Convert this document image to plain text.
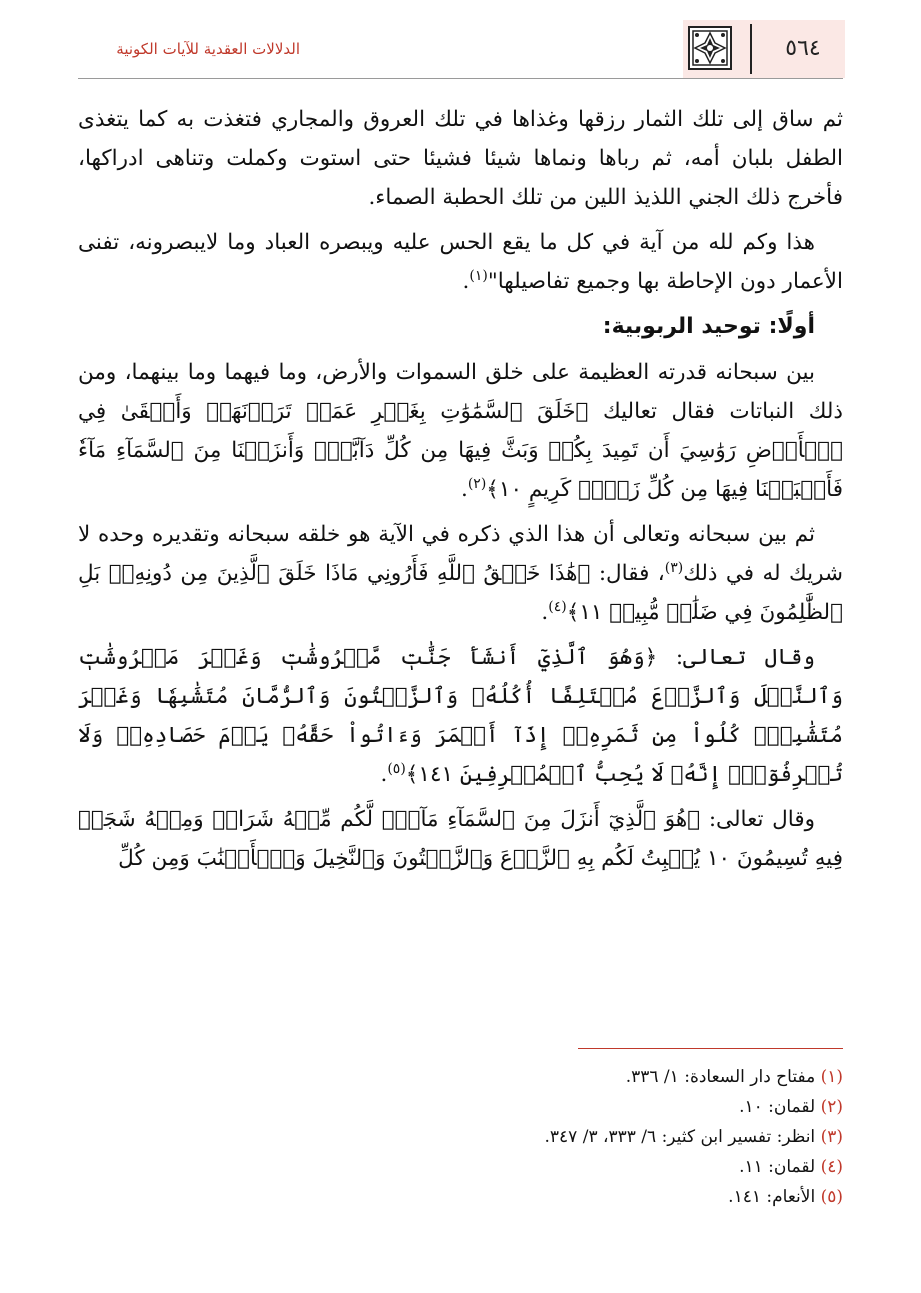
٥٦٤
الدلالات العقدية للآيات الكونية

ثم ساق إلى تلك الثمار رزقها وغذاها في تلك العروق والمجاري فتغذت به كما يتغذى الطفل بلبان أمه، ثم رباها ونماها شيئا فشيئا حتى استوت وكملت وتناهى ادراكها، فأخرج ذلك الجني اللذيذ اللين من تلك الحطبة الصماء.

هذا وكم لله من آية في كل ما يقع الحس عليه ويبصره العباد وما لايبصرونه، تفنى الأعمار دون الإحاطة بها وجميع تفاصيلها"$^{(١)}$.

أولًا: توحيد الربوبية:

بين سبحانه قدرته العظيمة على خلق السموات والأرض، وما فيهما وما بينهما، ومن ذلك النباتات فقال تعاليك ﴿خَلَقَ ٱلسَّمَٰوَٰتِ بِغَيۡرِ عَمَدٖ تَرَوۡنَهَاۖ وَأَلۡقَىٰ فِي ٱلۡأَرۡضِ رَوَٰسِيَ أَن تَمِيدَ بِكُمۡ وَبَثَّ فِيهَا مِن كُلِّ دَآبَّةٖۚ وَأَنزَلۡنَا مِنَ ٱلسَّمَآءِ مَآءٗ فَأَنۢبَتۡنَا فِيهَا مِن كُلِّ زَوۡجٖ كَرِيمٍ ١٠﴾$^{(٢)}$.

ثم بين سبحانه وتعالى أن هذا الذي ذكره في الآية هو خلقه سبحانه وتقديره وحده لا شريك له في ذلك$^{(٣)}$، فقال: ﴿هَٰذَا خَلۡقُ ٱللَّهِ فَأَرُونِي مَاذَا خَلَقَ ٱلَّذِينَ مِن دُونِهِۦۚ بَلِ ٱلظَّٰلِمُونَ فِي ضَلَٰلٖ مُّبِينٖ ١١﴾$^{(٤)}$.

وقال تعالى: ﴿وَهُوَ ٱلَّذِيٓ أَنشَأَ جَنَّٰتٖ مَّعۡرُوشَٰتٖ وَغَيۡرَ مَعۡرُوشَٰتٖ وَٱلنَّخۡلَ وَٱلزَّرۡعَ مُخۡتَلِفًا أُكُلُهُۥ وَٱلزَّيۡتُونَ وَٱلرُّمَّانَ مُتَشَٰبِهٗا وَغَيۡرَ مُتَشَٰبِهٖۚ كُلُواْ مِن ثَمَرِهِۦٓ إِذَآ أَثۡمَرَ وَءَاتُواْ حَقَّهُۥ يَوۡمَ حَصَادِهِۦۖ وَلَا تُسۡرِفُوٓاْۚ إِنَّهُۥ لَا يُحِبُّ ٱلۡمُسۡرِفِينَ ١٤١﴾$^{(٥)}$.

وقال تعالى: ﴿هُوَ ٱلَّذِيٓ أَنزَلَ مِنَ ٱلسَّمَآءِ مَآءٗۖ لَّكُم مِّنۡهُ شَرَابٞ وَمِنۡهُ شَجَرٞ فِيهِ تُسِيمُونَ ١٠ يُنۢبِتُ لَكُم بِهِ ٱلزَّرۡعَ وَٱلزَّيۡتُونَ وَٱلنَّخِيلَ وَٱلۡأَعۡنَٰبَ وَمِن كُلِّ

(١) مفتاح دار السعادة: ١/ ٣٣٦.

(٢) لقمان: ١٠.

(٣) انظر: تفسير ابن كثير: ٦/ ٣٣٣، ٣/ ٣٤٧.

(٤) لقمان: ١١.

(٥) الأنعام: ١٤١.
